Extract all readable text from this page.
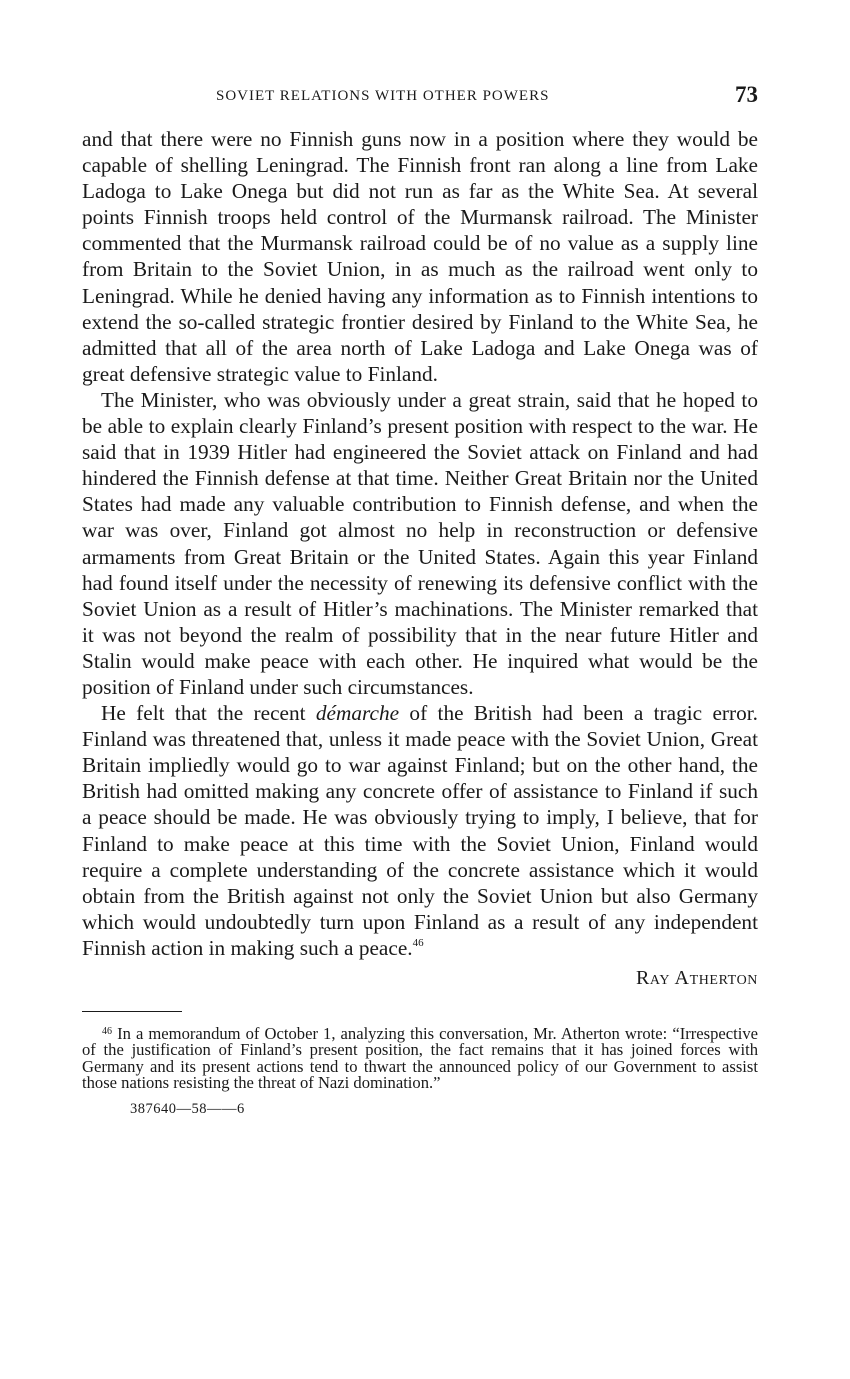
SOVIET RELATIONS WITH OTHER POWERS	73

and that there were no Finnish guns now in a position where they would be capable of shelling Leningrad. The Finnish front ran along a line from Lake Ladoga to Lake Onega but did not run as far as the White Sea. At several points Finnish troops held control of the Murmansk railroad. The Minister commented that the Murmansk railroad could be of no value as a supply line from Britain to the Soviet Union, in as much as the railroad went only to Leningrad. While he denied having any information as to Finnish intentions to extend the so-called strategic frontier desired by Finland to the White Sea, he admitted that all of the area north of Lake Ladoga and Lake Onega was of great defensive strategic value to Finland.

The Minister, who was obviously under a great strain, said that he hoped to be able to explain clearly Finland’s present position with respect to the war. He said that in 1939 Hitler had engineered the Soviet attack on Finland and had hindered the Finnish defense at that time. Neither Great Britain nor the United States had made any valuable contribution to Finnish defense, and when the war was over, Finland got almost no help in reconstruction or defensive armaments from Great Britain or the United States. Again this year Finland had found itself under the necessity of renewing its defensive conflict with the Soviet Union as a result of Hitler’s machinations. The Minister remarked that it was not beyond the realm of possibility that in the near future Hitler and Stalin would make peace with each other. He inquired what would be the position of Finland under such circumstances.

He felt that the recent démarche of the British had been a tragic error. Finland was threatened that, unless it made peace with the Soviet Union, Great Britain impliedly would go to war against Finland; but on the other hand, the British had omitted making any concrete offer of assistance to Finland if such a peace should be made. He was obviously trying to imply, I believe, that for Finland to make peace at this time with the Soviet Union, Finland would require a complete understanding of the concrete assistance which it would obtain from the British against not only the Soviet Union but also Germany which would undoubtedly turn upon Finland as a result of any independent Finnish action in making such a peace.$^{46}$

Ray Atherton
$^{46}$ In a memorandum of October 1, analyzing this conversation, Mr. Atherton wrote: “Irrespective of the justification of Finland’s present position, the fact remains that it has joined forces with Germany and its present actions tend to thwart the announced policy of our Government to assist those nations resisting the threat of Nazi domination.”
387640—58——6
